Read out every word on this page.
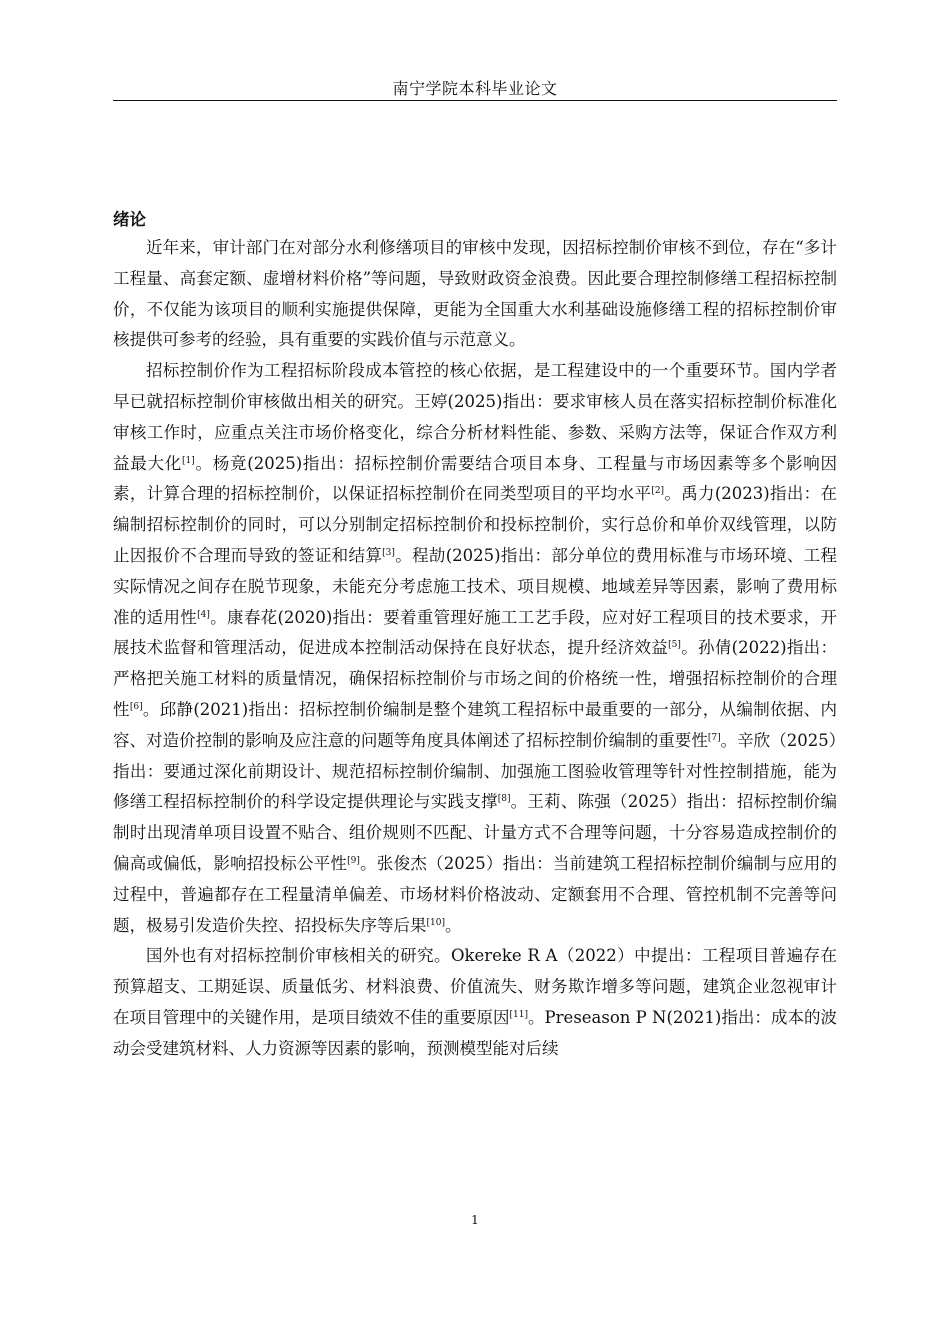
南宁学院本科毕业论文
绪论

近年来，审计部门在对部分水利修缮项目的审核中发现，因招标控制价审核不到位，存在“多计工程量、高套定额、虚增材料价格”等问题，导致财政资金浪费。因此要合理控制修缮工程招标控制价，不仅能为该项目的顺利实施提供保障，更能为全国重大水利基础设施修缮工程的招标控制价审核提供可参考的经验，具有重要的实践价值与示范意义。

招标控制价作为工程招标阶段成本管控的核心依据，是工程建设中的一个重要环节。国内学者早已就招标控制价审核做出相关的研究。王婷(2025)指出：要求审核人员在落实招标控制价标准化审核工作时，应重点关注市场价格变化，综合分析材料性能、参数、采购方法等，保证合作双方利益最大化[1]。杨竟(2025)指出：招标控制价需要结合项目本身、工程量与市场因素等多个影响因素，计算合理的招标控制价，以保证招标控制价在同类型项目的平均水平[2]。禹力(2023)指出：在编制招标控制价的同时，可以分别制定招标控制价和投标控制价，实行总价和单价双线管理，以防止因报价不合理而导致的签证和结算[3]。程劼(2025)指出：部分单位的费用标准与市场环境、工程实际情况之间存在脱节现象，未能充分考虑施工技术、项目规模、地域差异等因素，影响了费用标准的适用性[4]。康春花(2020)指出：要着重管理好施工工艺手段，应对好工程项目的技术要求，开展技术监督和管理活动，促进成本控制活动保持在良好状态，提升经济效益[5]。孙倩(2022)指出：严格把关施工材料的质量情况，确保招标控制价与市场之间的价格统一性，增强招标控制价的合理性[6]。邱静(2021)指出：招标控制价编制是整个建筑工程招标中最重要的一部分，从编制依据、内容、对造价控制的影响及应注意的问题等角度具体阐述了招标控制价编制的重要性[7]。辛欣（2025）指出：要通过深化前期设计、规范招标控制价编制、加强施工图验收管理等针对性控制措施，能为修缮工程招标控制价的科学设定提供理论与实践支撑[8]。王莉、陈强（2025）指出：招标控制价编制时出现清单项目设置不贴合、组价规则不匹配、计量方式不合理等问题，十分容易造成控制价的偏高或偏低，影响招投标公平性[9]。张俊杰（2025）指出：当前建筑工程招标控制价编制与应用的过程中，普遍都存在工程量清单偏差、市场材料价格波动、定额套用不合理、管控机制不完善等问题，极易引发造价失控、招投标失序等后果[10]。

国外也有对招标控制价审核相关的研究。Okereke R A（2022）中提出：工程项目普遍存在预算超支、工期延误、质量低劣、材料浪费、价值流失、财务欺诈增多等问题，建筑企业忽视审计在项目管理中的关键作用，是项目绩效不佳的重要原因[11]。Preseason P N(2021)指出：成本的波动会受建筑材料、人力资源等因素的影响，预测模型能对后续

1
